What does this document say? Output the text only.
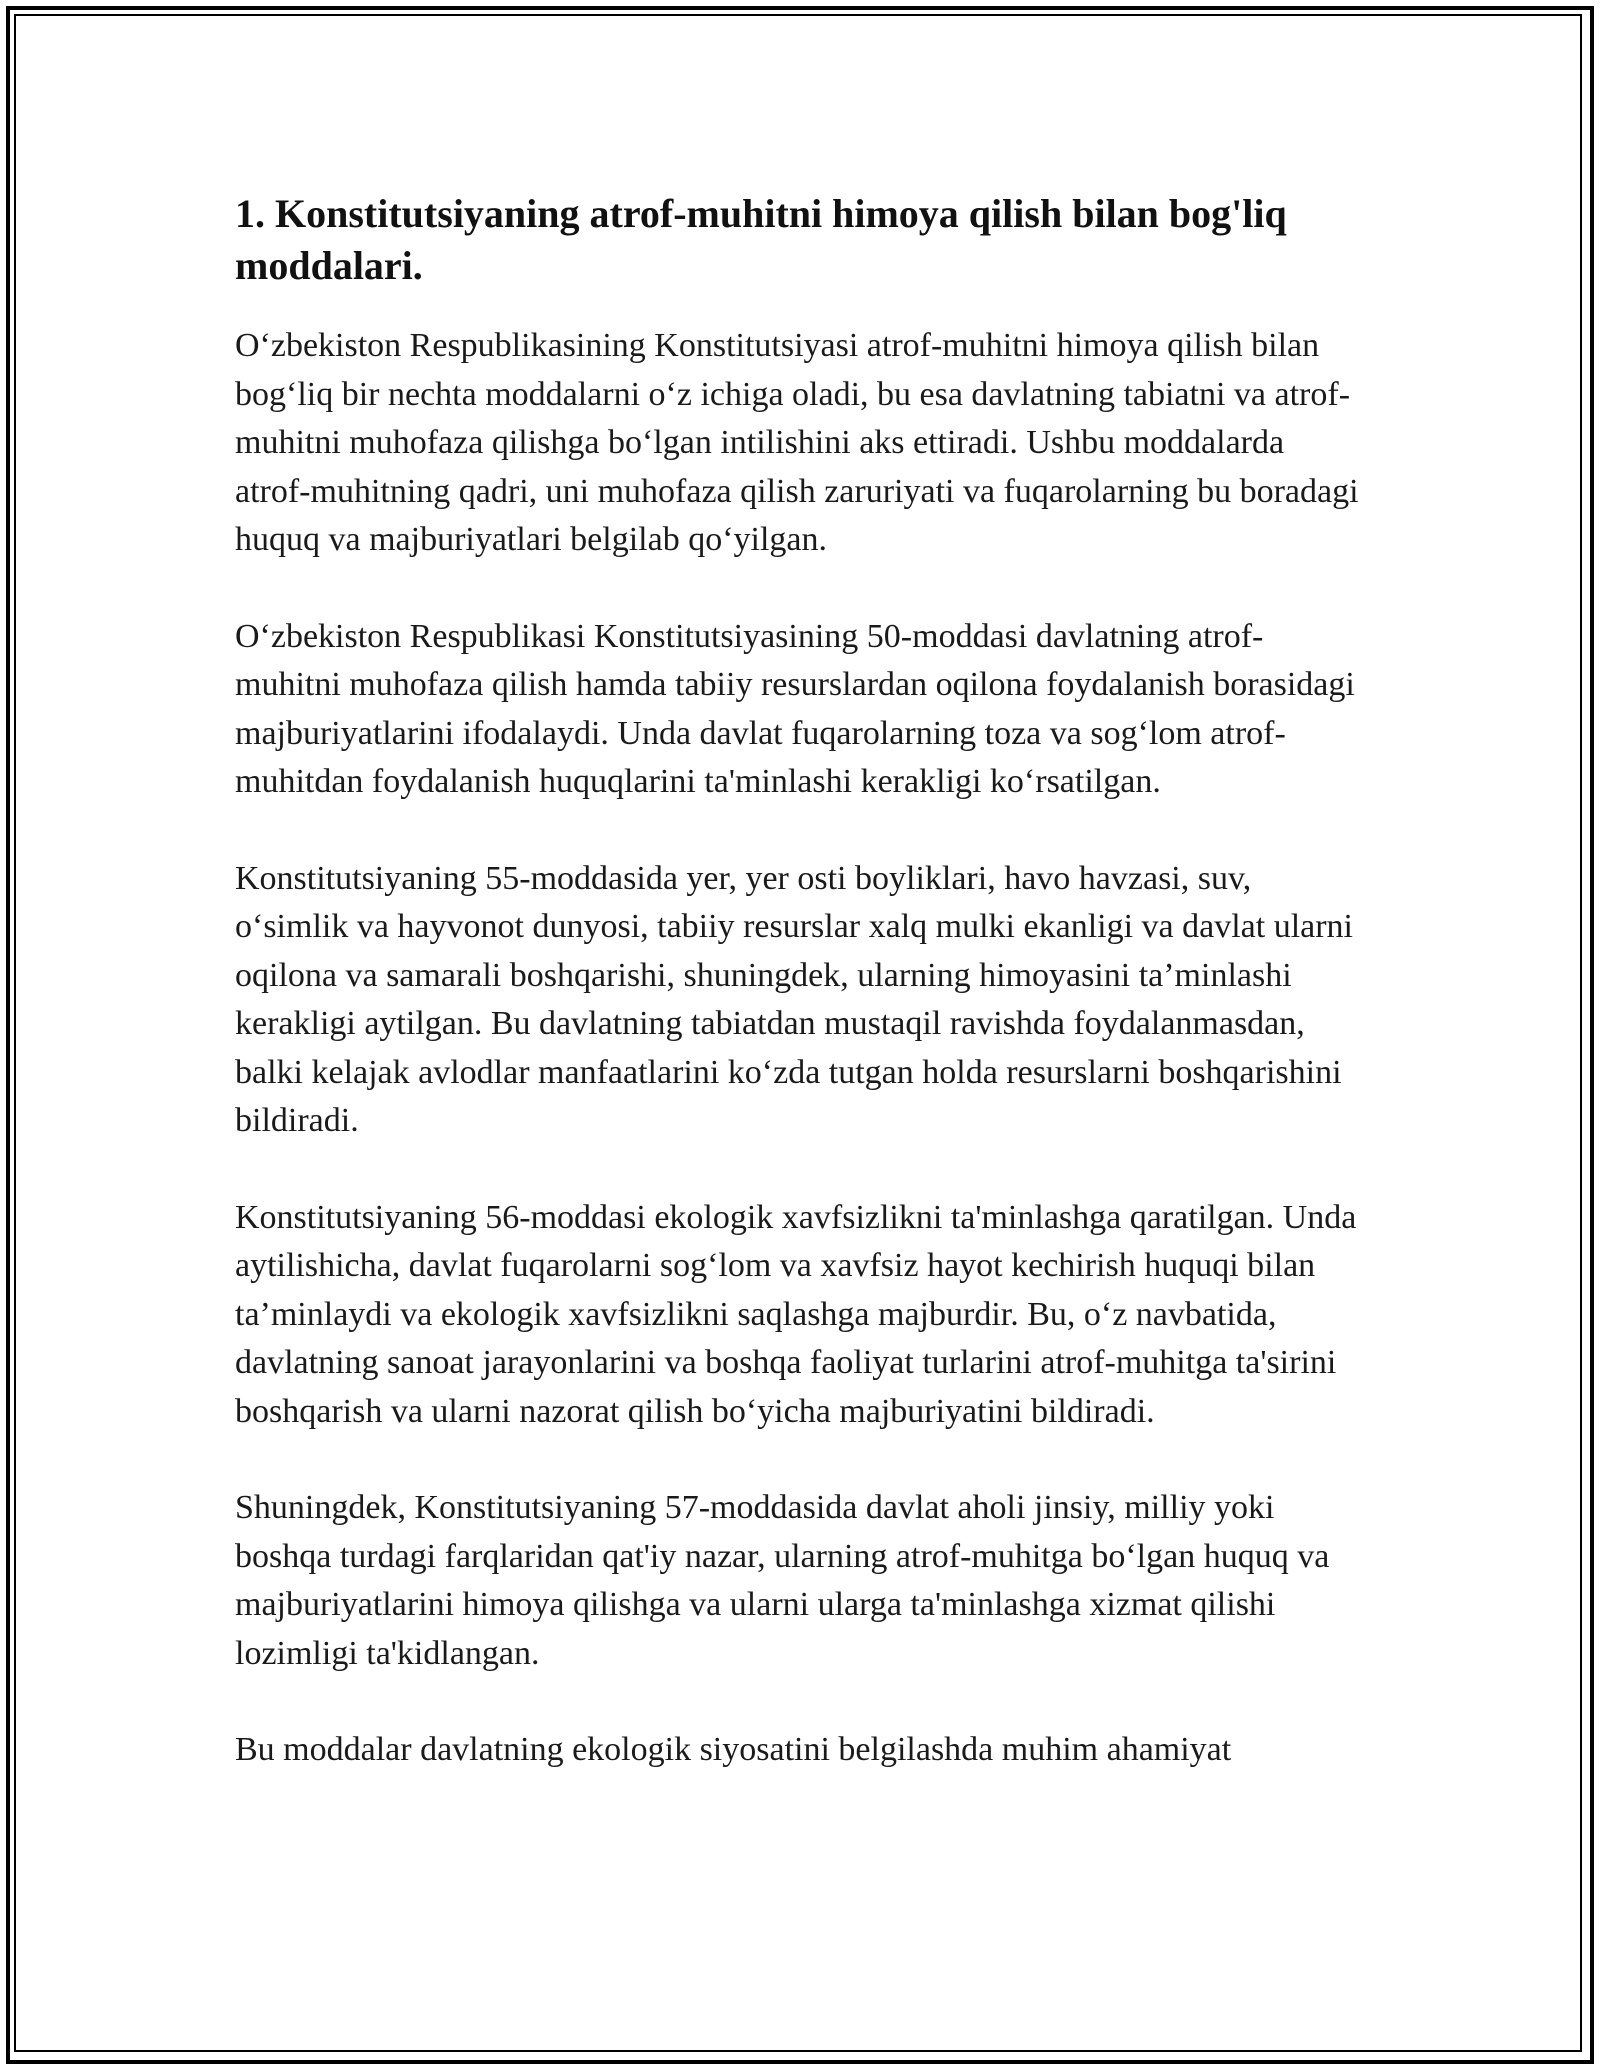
1. Konstitutsiyaning atrof-muhitni himoya qilish bilan bog'liq moddalari.

O‘zbekiston Respublikasining Konstitutsiyasi atrof-muhitni himoya qilish bilan bog‘liq bir nechta moddalarni o‘z ichiga oladi, bu esa davlatning tabiatni va atrof-muhitni muhofaza qilishga bo‘lgan intilishini aks ettiradi. Ushbu moddalarda atrof-muhitning qadri, uni muhofaza qilish zaruriyati va fuqarolarning bu boradagi huquq va majburiyatlari belgilab qo‘yilgan.

O‘zbekiston Respublikasi Konstitutsiyasining 50-moddasi davlatning atrof-muhitni muhofaza qilish hamda tabiiy resurslardan oqilona foydalanish borasidagi majburiyatlarini ifodalaydi. Unda davlat fuqarolarning toza va sog‘lom atrof-muhitdan foydalanish huquqlarini ta'minlashi kerakligi ko‘rsatilgan.

Konstitutsiyaning 55-moddasida yer, yer osti boyliklari, havo havzasi, suv, o‘simlik va hayvonot dunyosi, tabiiy resurslar xalq mulki ekanligi va davlat ularni oqilona va samarali boshqarishi, shuningdek, ularning himoyasini ta’minlashi kerakligi aytilgan. Bu davlatning tabiatdan mustaqil ravishda foydalanmasdan, balki kelajak avlodlar manfaatlarini ko‘zda tutgan holda resurslarni boshqarishini bildiradi.

Konstitutsiyaning 56-moddasi ekologik xavfsizlikni ta'minlashga qaratilgan. Unda aytilishicha, davlat fuqarolarni sog‘lom va xavfsiz hayot kechirish huquqi bilan ta’minlaydi va ekologik xavfsizlikni saqlashga majburdir. Bu, o‘z navbatida, davlatning sanoat jarayonlarini va boshqa faoliyat turlarini atrof-muhitga ta'sirini boshqarish va ularni nazorat qilish bo‘yicha majburiyatini bildiradi.

Shuningdek, Konstitutsiyaning 57-moddasida davlat aholi jinsiy, milliy yoki boshqa turdagi farqlaridan qat'iy nazar, ularning atrof-muhitga bo‘lgan huquq va majburiyatlarini himoya qilishga va ularni ularga ta'minlashga xizmat qilishi lozimligi ta'kidlangan.

Bu moddalar davlatning ekologik siyosatini belgilashda muhim ahamiyat
